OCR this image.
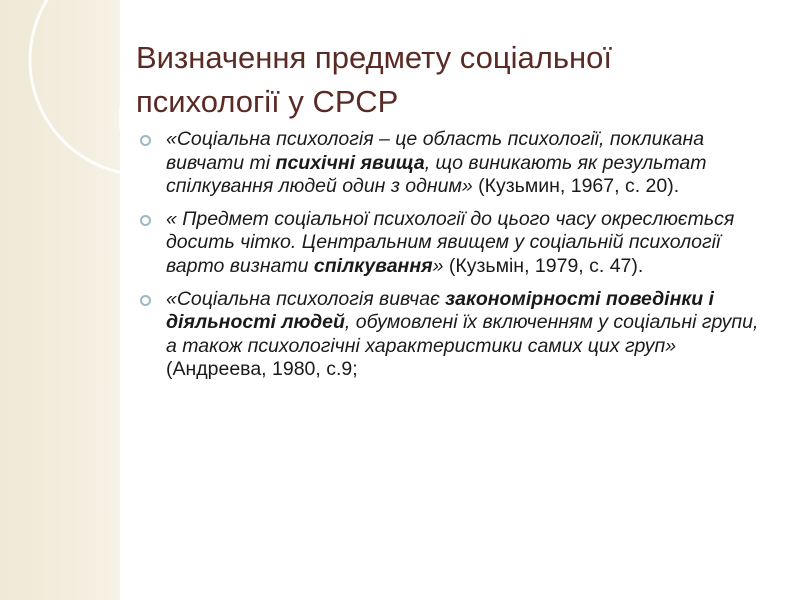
Визначення предмету соціальної психології у СРСР
«Соціальна психологія – це область психології, покликана вивчати ті психічні явища, що виникають як результат спілкування людей один з одним» (Кузьмин, 1967, с. 20).
« Предмет соціальної психології до цього часу окреслюється досить чітко. Центральним явищем у соціальній психології варто визнати спілкування» (Кузьмін, 1979, с. 47).
«Соціальна психологія вивчає закономірності поведінки і діяльності людей, обумовлені їх включенням у соціальні групи, а також психологічні характеристики самих цих груп» (Андреева, 1980, с.9;
